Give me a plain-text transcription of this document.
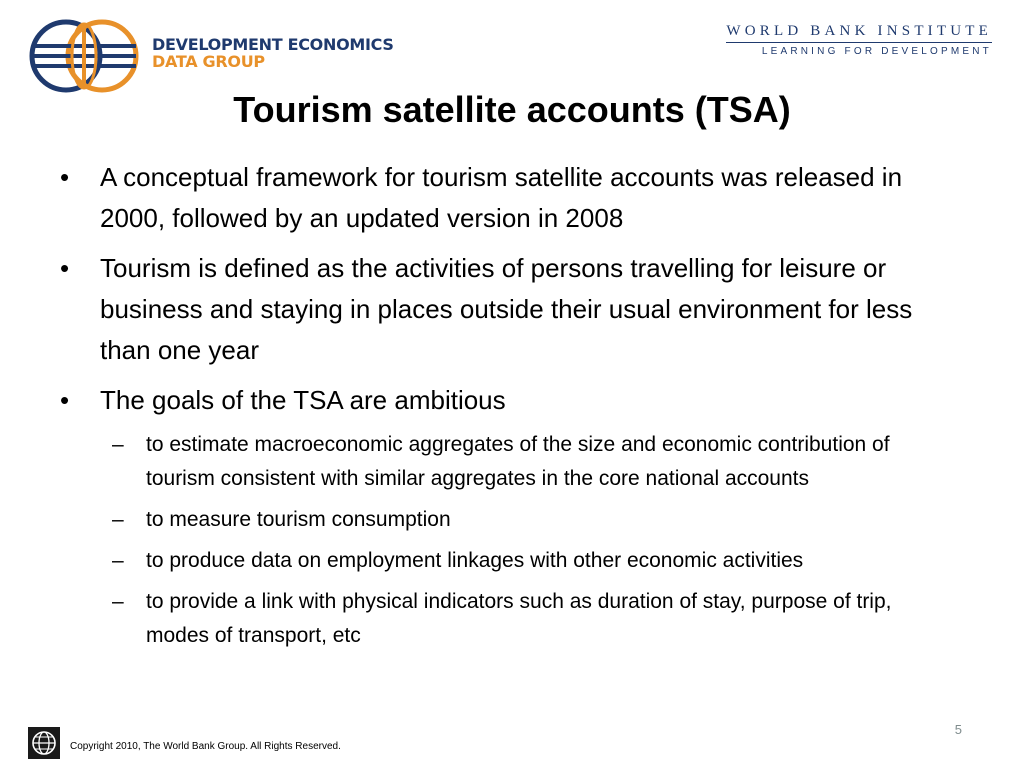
DEVELOPMENT ECONOMICS
DATA GROUP
WORLD BANK INSTITUTE
LEARNING FOR DEVELOPMENT
Tourism satellite accounts (TSA)
• A conceptual framework for tourism satellite accounts was released in 2000, followed by an updated version in 2008
• Tourism is defined as the activities of persons travelling for leisure or business and staying in places outside their usual environment for less than one year
• The goals of the TSA are ambitious
– to estimate macroeconomic aggregates of the size and economic contribution of tourism consistent with similar aggregates in the core national accounts
– to measure tourism consumption
– to produce data on employment linkages with other economic activities
– to provide a link with physical indicators such as duration of stay, purpose of trip, modes of transport, etc
5
Copyright 2010, The World Bank Group. All Rights Reserved.
